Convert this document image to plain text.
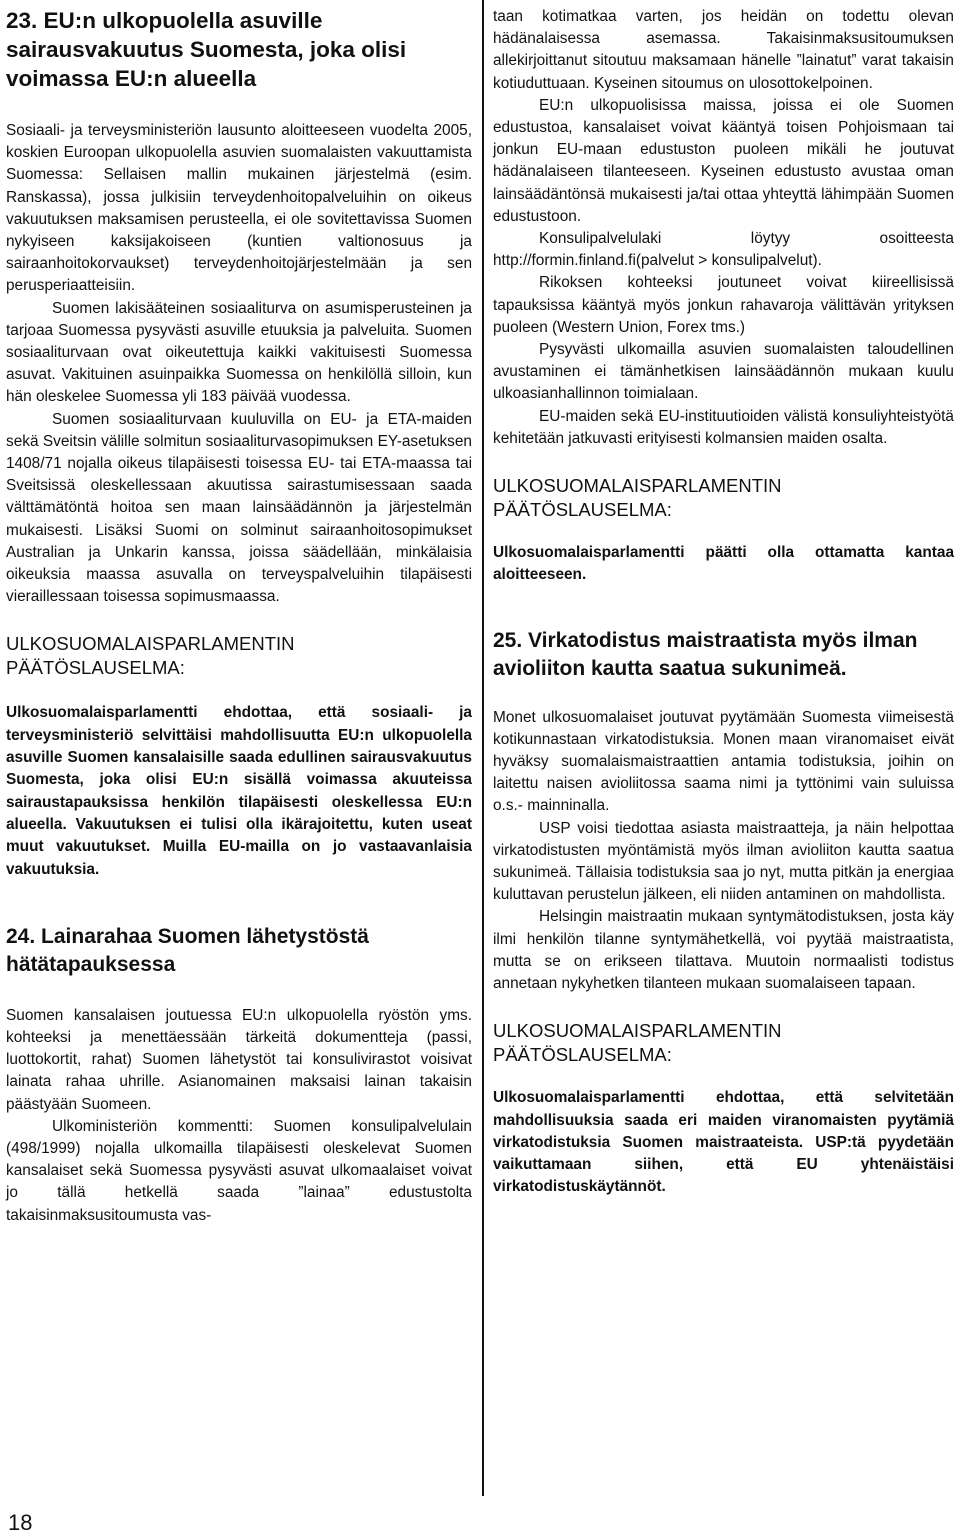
23. EU:n ulkopuolella asuville sairausvakuutus Suomesta, joka olisi voimassa EU:n alueella

Sosiaali- ja terveysministeriön lausunto aloitteeseen vuodelta 2005, koskien Euroopan ulkopuolella asuvien suomalaisten vakuuttamista Suomessa: Sellaisen mallin mukainen järjestelmä (esim. Ranskassa), jossa julkisiin terveydenhoitopalveluihin on oikeus vakuutuksen maksamisen perusteella, ei ole sovitettavissa Suomen nykyiseen kaksijakoiseen (kuntien valtionosuus ja sairaanhoitokorvaukset) terveydenhoitojärjestelmään ja sen perusperiaatteisiin.

Suomen lakisääteinen sosiaaliturva on asumisperusteinen ja tarjoaa Suomessa pysyvästi asuville etuuksia ja palveluita. Suomen sosiaaliturvaan ovat oikeutettuja kaikki vakituisesti Suomessa asuvat. Vakituinen asuinpaikka Suomessa on henkilöllä silloin, kun hän oleskelee Suomessa yli 183 päivää vuodessa.

Suomen sosiaaliturvaan kuuluvilla on EU- ja ETA-maiden sekä Sveitsin välille solmitun sosiaaliturvasopimuksen EY-asetuksen 1408/71 nojalla oikeus tilapäisesti toisessa EU- tai ETA-maassa tai Sveitsissä oleskellessaan akuutissa sairastumisessaan saada välttämätöntä hoitoa sen maan lainsäädännön ja järjestelmän mukaisesti. Lisäksi Suomi on solminut sairaanhoitosopimukset Australian ja Unkarin kanssa, joissa säädellään, minkälaisia oikeuksia maassa asuvalla on terveyspalveluihin tilapäisesti vieraillessaan toisessa sopimusmaassa.

ULKOSUOMALAISPARLAMENTIN PÄÄTÖSLAUSELMA:

Ulkosuomalaisparlamentti ehdottaa, että sosiaali- ja terveysministeriö selvittäisi mahdollisuutta EU:n ulkopuolella asuville Suomen kansalaisille saada edullinen sairausvakuutus Suomesta, joka olisi EU:n sisällä voimassa akuuteissa sairaustapauksissa henkilön tilapäisesti oleskellessa EU:n alueella. Vakuutuksen ei tulisi olla ikärajoitettu, kuten useat muut vakuutukset. Muilla EU-mailla on jo vastaavanlaisia vakuutuksia.

24. Lainarahaa Suomen lähetystöstä hätätapauksessa

Suomen kansalaisen joutuessa EU:n ulkopuolella ryöstön yms. kohteeksi ja menettäessään tärkeitä dokumentteja (passi, luottokortit, rahat) Suomen lähetystöt tai konsulivirastot voisivat lainata rahaa uhrille. Asianomainen maksaisi lainan takaisin päästyään Suomeen.

Ulkoministeriön kommentti: Suomen konsulipalvelulain (498/1999) nojalla ulkomailla tilapäisesti oleskelevat Suomen kansalaiset sekä Suomessa pysyvästi asuvat ulkomaalaiset voivat jo tällä hetkellä saada ”lainaa” edustustolta takaisinmaksusitoumusta vas-

taan kotimatkaa varten, jos heidän on todettu olevan hädänalaisessa asemassa. Takaisinmaksusitoumuksen allekirjoittanut sitoutuu maksamaan hänelle ”lainatut” varat takaisin kotiuduttuaan. Kyseinen sitoumus on ulosottokelpoinen.

EU:n ulkopuolisissa maissa, joissa ei ole Suomen edustustoa, kansalaiset voivat kääntyä toisen Pohjoismaan tai jonkun EU-maan edustuston puoleen mikäli he joutuvat hädänalaiseen tilanteeseen. Kyseinen edustusto avustaa oman lainsäädäntönsä mukaisesti ja/tai ottaa yhteyttä lähimpään Suomen edustustoon.

Konsulipalvelulaki löytyy osoitteesta http://formin.finland.fi(palvelut > konsulipalvelut).

Rikoksen kohteeksi joutuneet voivat kiireellisissä tapauksissa kääntyä myös jonkun rahavaroja välittävän yrityksen puoleen (Western Union, Forex tms.)

Pysyvästi ulkomailla asuvien suomalaisten taloudellinen avustaminen ei tämänhetkisen lainsäädännön mukaan kuulu ulkoasianhallinnon toimialaan.

EU-maiden sekä EU-instituutioiden välistä konsuliyhteistyötä kehitetään jatkuvasti erityisesti kolmansien maiden osalta.

ULKOSUOMALAISPARLAMENTIN PÄÄTÖSLAUSELMA:

Ulkosuomalaisparlamentti päätti olla ottamatta kantaa aloitteeseen.

25. Virkatodistus maistraatista myös ilman avioliiton kautta saatua sukunimeä.

Monet ulkosuomalaiset joutuvat pyytämään Suomesta viimeisestä kotikunnastaan virkatodistuksia. Monen maan viranomaiset eivät hyväksy suomalaismaistraattien antamia todistuksia, joihin on laitettu naisen avioliitossa saama nimi ja tyttönimi vain suluissa o.s.- mainninalla.

USP voisi tiedottaa asiasta maistraatteja, ja näin helpottaa virkatodistusten myöntämistä myös ilman avioliiton kautta saatua sukunimeä. Tällaisia todistuksia saa jo nyt, mutta pitkän ja energiaa kuluttavan perustelun jälkeen, eli niiden antaminen on mahdollista.

Helsingin maistraatin mukaan syntymätodistuksen, josta käy ilmi henkilön tilanne syntymähetkellä, voi pyytää maistraatista, mutta se on erikseen tilattava. Muutoin normaalisti todistus annetaan nykyhetken tilanteen mukaan suomalaiseen tapaan.

ULKOSUOMALAISPARLAMENTIN PÄÄTÖSLAUSELMA:

Ulkosuomalaisparlamentti ehdottaa, että selvitetään mahdollisuuksia saada eri maiden viranomaisten pyytämiä virkatodistuksia Suomen maistraateista. USP:tä pyydetään vaikuttamaan siihen, että EU yhtenäistäisi virkatodistuskäytännöt.

18
